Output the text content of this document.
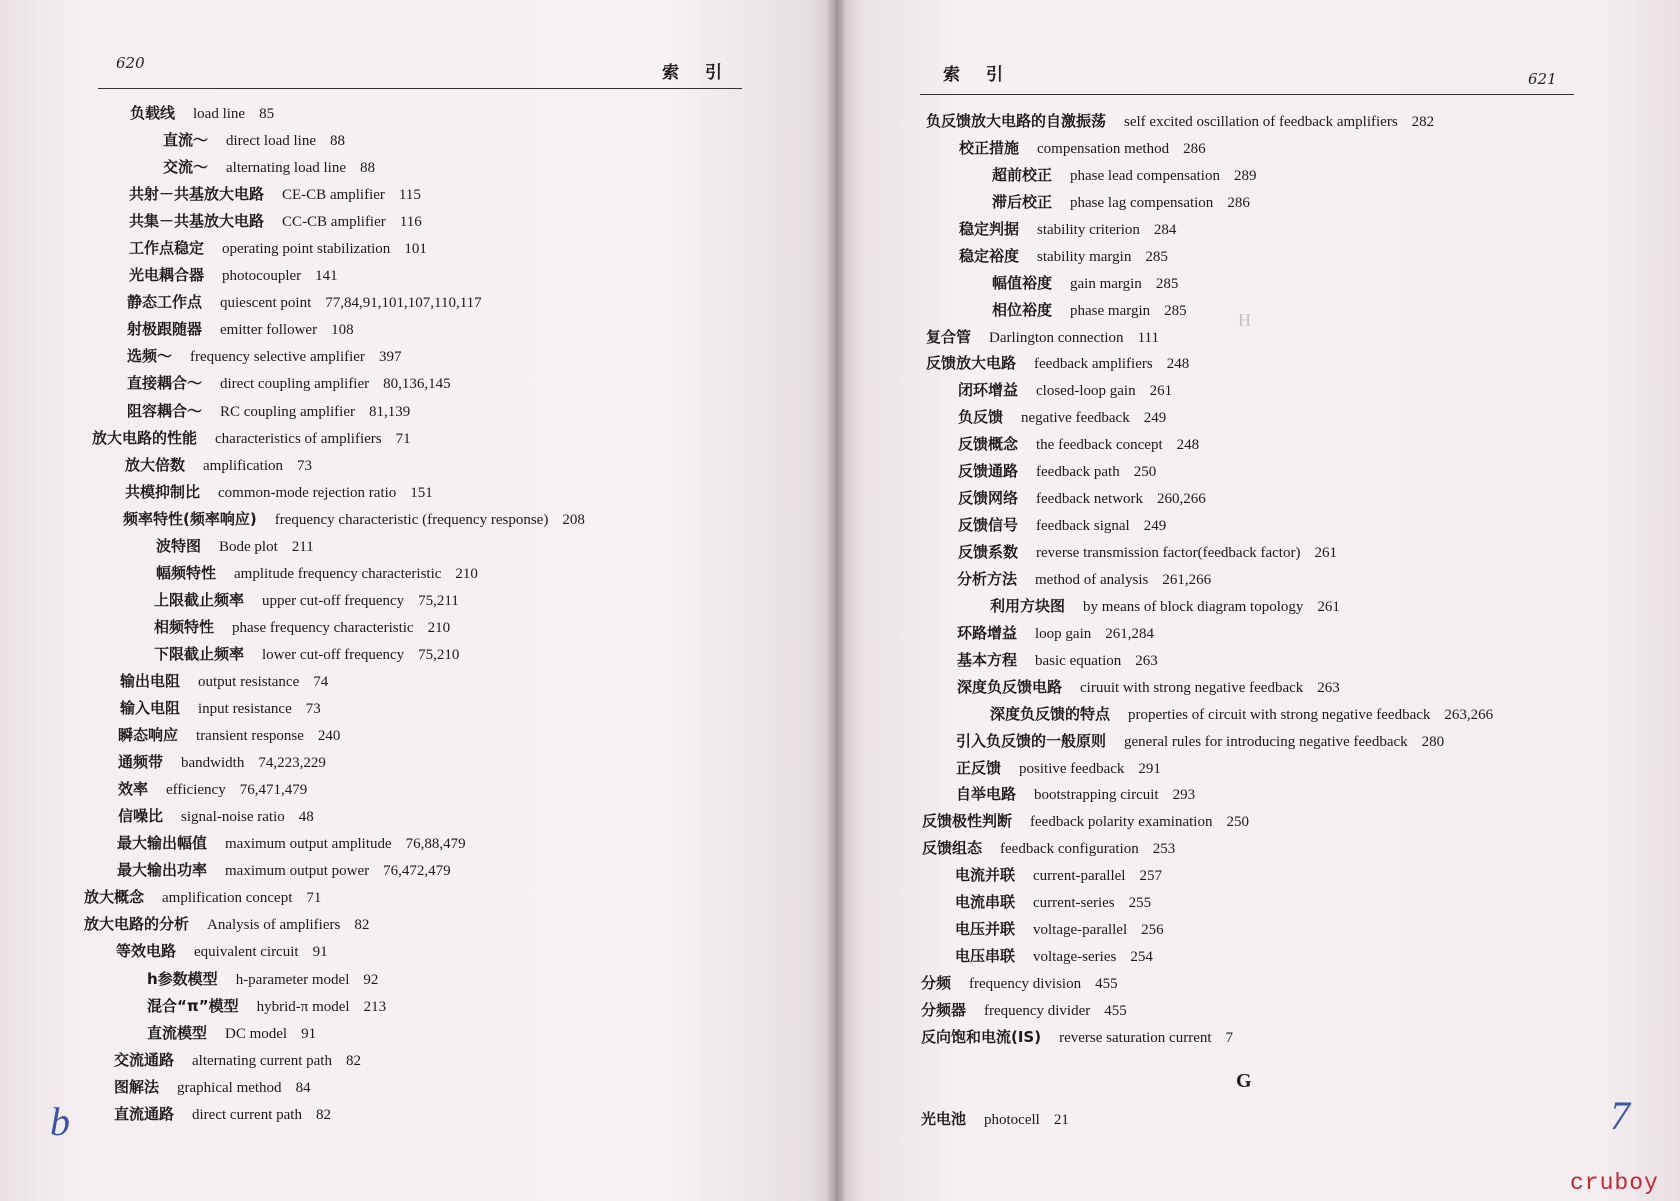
620	索引
负载线 load line 85
直流～ direct load line 88
交流～ alternating load line 88
共射－共基放大电路 CE-CB amplifier 115
共集－共基放大电路 CC-CB amplifier 116
工作点稳定 operating point stabilization 101
光电耦合器 photocoupler 141
静态工作点 quiescent point 77,84,91,101,107,110,117
射极跟随器 emitter follower 108
选频～ frequency selective amplifier 397
直接耦合～ direct coupling amplifier 80,136,145
阻容耦合～ RC coupling amplifier 81,139
放大电路的性能 characteristics of amplifiers 71
放大倍数 amplification 73
共模抑制比 common-mode rejection ratio 151
频率特性(频率响应) frequency characteristic (frequency response) 208
波特图 Bode plot 211
幅频特性 amplitude frequency characteristic 210
上限截止频率 upper cut-off frequency 75,211
相频特性 phase frequency characteristic 210
下限截止频率 lower cut-off frequency 75,210
输出电阻 output resistance 74
输入电阻 input resistance 73
瞬态响应 transient response 240
通频带 bandwidth 74,223,229
效率 efficiency 76,471,479
信噪比 signal-noise ratio 48
最大输出幅值 maximum output amplitude 76,88,479
最大输出功率 maximum output power 76,472,479
放大概念 amplification concept 71
放大电路的分析 Analysis of amplifiers 82
等效电路 equivalent circuit 91
h参数模型 h-parameter model 92
混合“π”模型 hybrid-π model 213
直流模型 DC model 91
交流通路 alternating current path 82
图解法 graphical method 84
直流通路 direct current path 82
b
621
索引
H
负反馈放大电路的自激振荡 self excited oscillation of feedback amplifiers 282
校正措施 compensation method 286
超前校正 phase lead compensation 289
滞后校正 phase lag compensation 286
稳定判据 stability criterion 284
稳定裕度 stability margin 285
幅值裕度 gain margin 285
相位裕度 phase margin 285
复合管 Darlington connection 111
反馈放大电路 feedback amplifiers 248
闭环增益 closed-loop gain 261
负反馈 negative feedback 249
反馈概念 the feedback concept 248
反馈通路 feedback path 250
反馈网络 feedback network 260,266
反馈信号 feedback signal 249
反馈系数 reverse transmission factor(feedback factor) 261
分析方法 method of analysis 261,266
利用方块图 by means of block diagram topology 261
环路增益 loop gain 261,284
基本方程 basic equation 263
深度负反馈电路 ciruuit with strong negative feedback 263
深度负反馈的特点 properties of circuit with strong negative feedback 263,266
引入负反馈的一般原则 general rules for introducing negative feedback 280
正反馈 positive feedback 291
自举电路 bootstrapping circuit 293
反馈极性判断 feedback polarity examination 250
反馈组态 feedback configuration 253
电流并联 current-parallel 257
电流串联 current-series 255
电压并联 voltage-parallel 256
电压串联 voltage-series 254
分频 frequency division 455
分频器 frequency divider 455
反向饱和电流(IS) reverse saturation current 7
G
光电池 photocell 21	7
cruboy
